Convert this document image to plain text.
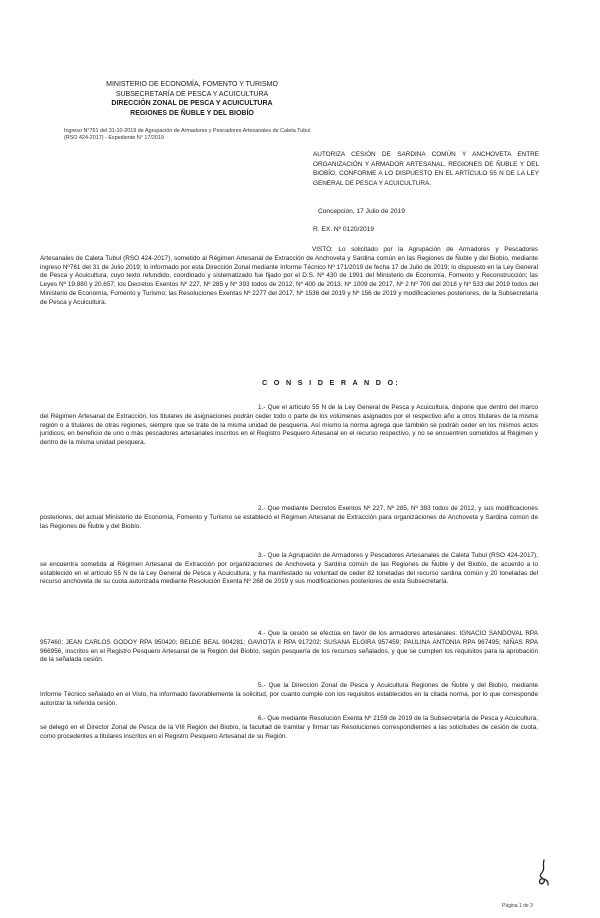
MINISTERIO DE ECONOMÍA, FOMENTO Y TURISMO
SUBSECRETARÍA DE PESCA Y ACUICULTURA
DIRECCIÓN ZONAL DE PESCA Y ACUICULTURA
REGIONES DE ÑUBLE Y DEL BIOBÍO
Ingreso N°761 del 31-10-2019 de Agrupación de Armadores y Pescadores Artesanales de Caleta Tubul (RSO 424-2017) - Expediente N° 17/2019
AUTORIZA CESIÓN DE SARDINA COMÚN Y ANCHOVETA ENTRE ORGANIZACIÓN Y ARMADOR ARTESANAL, REGIONES DE ÑUBLE Y DEL BIOBÍO, CONFORME A LO DISPUESTO EN EL ARTÍCULO 55 N DE LA LEY GENERAL DE PESCA Y ACUICULTURA.
Concepción, 17 Julio de 2019
R. EX. Nº 0120/2019
VISTO: Lo solicitado por la Agrupación de Armadores y Pescadores Artesanales de Caleta Tubul (RSO 424-2017), sometido al Régimen Artesanal de Extracción de Anchoveta y Sardina común en las Regiones de Ñuble y del Biobío, mediante ingreso Nº761 del 31 de Julio 2019; lo informado por esta Dirección Zonal mediante Informe Técnico Nº 171/2019 de fecha 17 de Julio de 2019; lo dispuesto en la Ley General de Pesca y Acuicultura, cuyo texto refundido, coordinado y sistematizado fue fijado por el D.S. Nº 430 de 1991 del Ministerio de Economía, Fomento y Reconstrucción; las Leyes Nº 19.880 y 20.657; los Decretos Exentos Nº 227, Nº 285 y Nº 393 todos de 2012, Nº 400 de 2013, Nº 1009 de 2017, Nº 2 Nº 700 del 2018 y Nº 533 del 2019 todos del Ministerio de Economía, Fomento y Turismo; las Resoluciones Exentas Nº 2277 del 2017, Nº 1536 del 2019 y Nº 156 de 2019 y modificaciones posteriores, de la Subsecretaría de Pesca y Acuicultura.
C O N S I D E R A N D O:
1.- Que el artículo 55 N de la Ley General de Pesca y Acuicultura, dispone que dentro del marco del Régimen Artesanal de Extracción, los titulares de asignaciones podrán ceder todo o parte de los volúmenes asignados por el respectivo año a otros titulares de la misma región o a titulares de otras regiones, siempre que se trate de la misma unidad de pesquería. Así mismo la norma agrega que también se podrán ceder en los mismos actos jurídicos, en beneficio de uno o más pescadores artesanales inscritos en el Registro Pesquero Artesanal en el recurso respectivo, y no se encuentren sometidos al Régimen y dentro de la misma unidad pesquera.
2.- Que mediante Decretos Exentos Nº 227, Nº 285, Nº 393 todos de 2012, y sus modificaciones posteriores, del actual Ministerio de Economía, Fomento y Turismo se estableció el Régimen Artesanal de Extracción para organizaciones de Anchoveta y Sardina común de las Regiones de Ñuble y del Biobío.
3.- Que la Agrupación de Armadores y Pescadores Artesanales de Caleta Tubul (RSO 424-2017), se encuentra sometida al Régimen Artesanal de Extracción por organizaciones de Anchoveta y Sardina común de las Regiones de Ñuble y del Biobío, de acuerdo a lo establecido en el artículo 55 N de la Ley General de Pesca y Acuicultura, y ha manifestado su voluntad de ceder 82 toneladas del recurso sardina común y 20 toneladas del recurso anchoveta de su cuota autorizada mediante Resolución Exenta Nº 268 de 2019 y sus modificaciones posteriores de esta Subsecretaría.
4.- Que la cesión se efectúa en favor de los armadores artesanales: IGNACIO SANDOVAL RPA 957460; JEAN CARLOS GODOY RPA 950420; BELDE BEAL 904281; GAVIOTA II RPA 917202; SUSANA ELGIRA 957459; PAULINA ANTONIA RPA 967495; NIÑAS RPA 966956, inscritos en el Registro Pesquero Artesanal de la Región del Biobío, según pesquería de los recursos señalados, y que se cumplen los requisitos para la aprobación de la señalada cesión.
5.- Que la Dirección Zonal de Pesca y Acuicultura Regiones de Ñuble y del Biobío, mediante Informe Técnico señalado en el Visto, ha informado favorablemente la solicitud, por cuanto cumple con los requisitos establecidos en la citada norma, por lo que corresponde autorizar la referida cesión.
6.- Que mediante Resolución Exenta Nº 2159 de 2019 de la Subsecretaría de Pesca y Acuicultura, se delegó en el Director Zonal de Pesca de la VIII Región del Biobío, la facultad de tramitar y firmar las Resoluciones correspondientes a las solicitudes de cesión de cuota, como procedentes a titulares inscritos en el Registro Pesquero Artesanal de su Región.
Página 1 de 3
